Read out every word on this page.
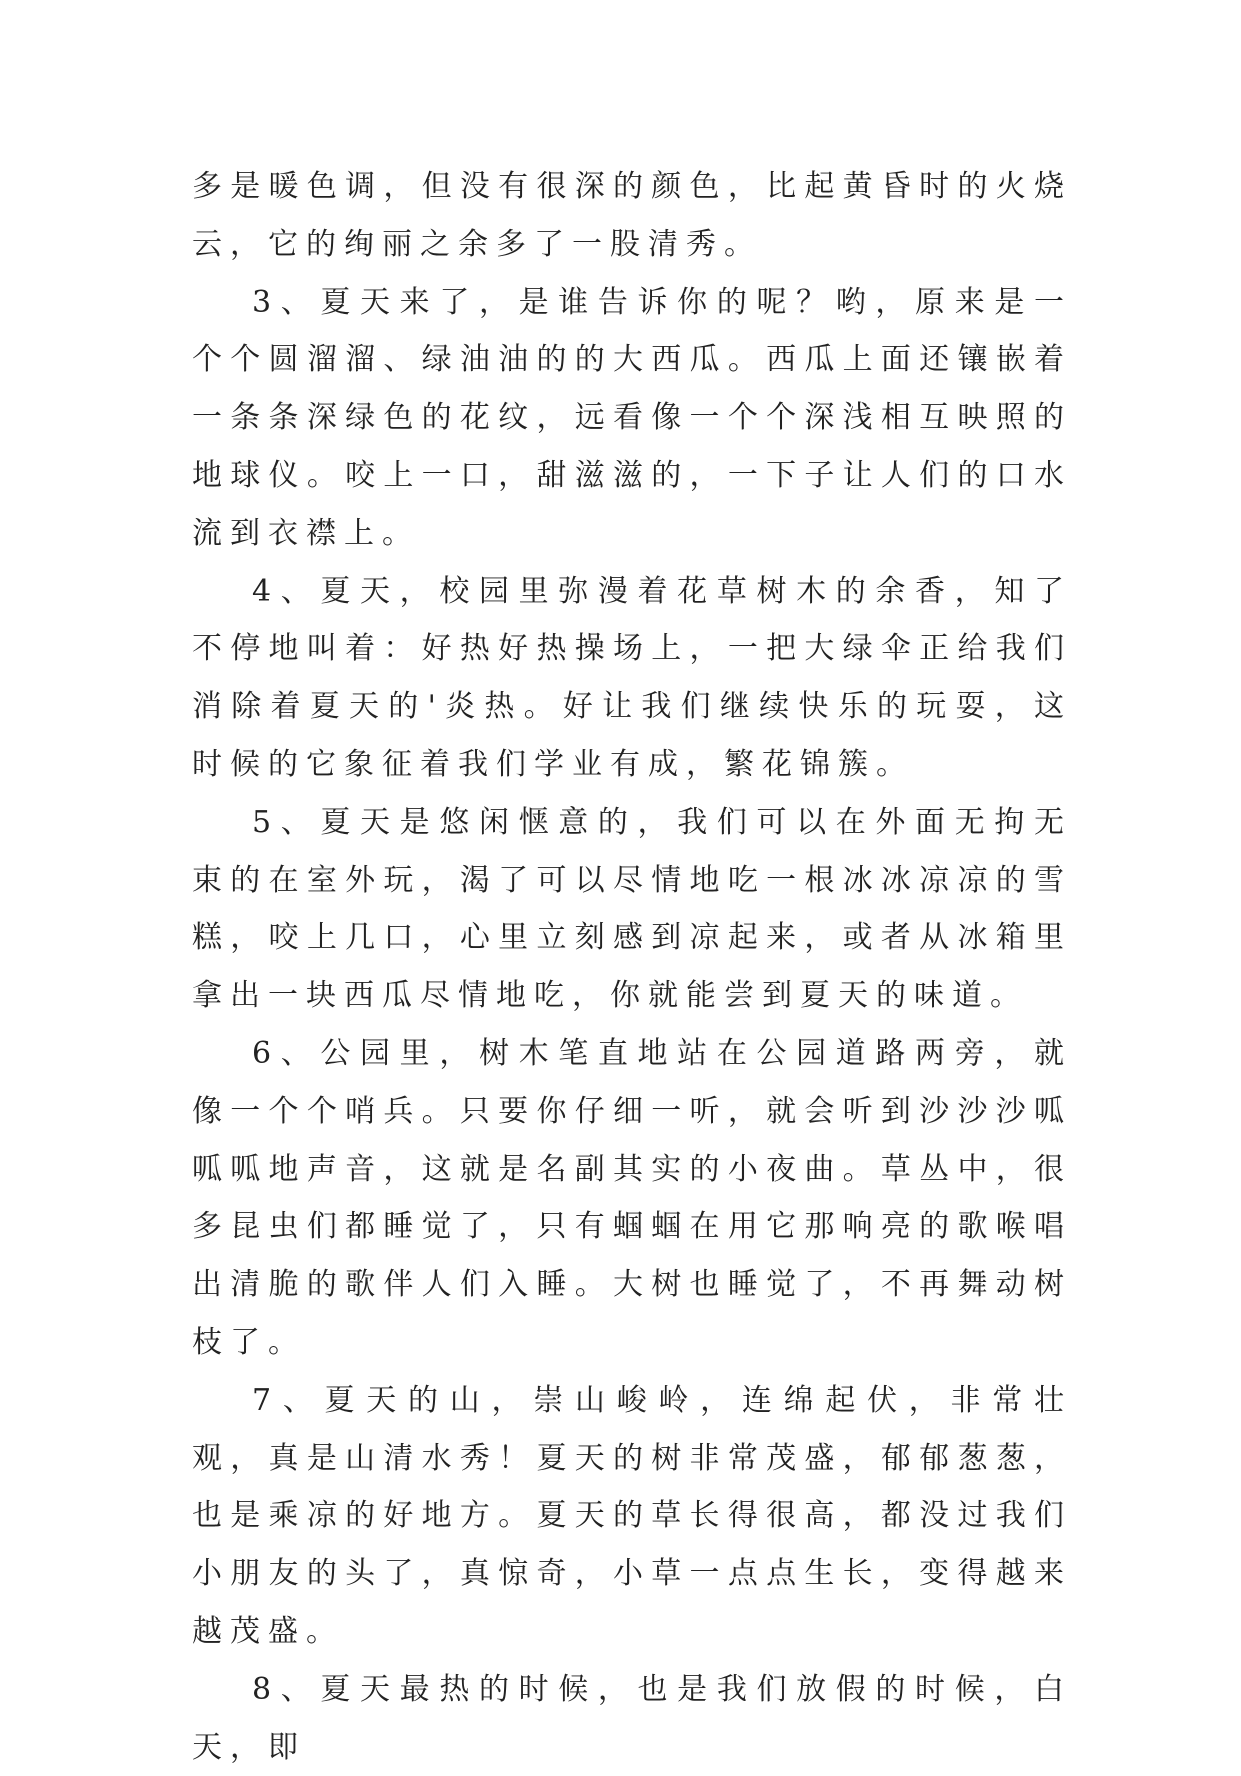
多是暖色调，但没有很深的颜色，比起黄昏时的火烧云，它的绚丽之余多了一股清秀。

3、夏天来了，是谁告诉你的呢？哟，原来是一个个圆溜溜、绿油油的的大西瓜。西瓜上面还镶嵌着一条条深绿色的花纹，远看像一个个深浅相互映照的地球仪。咬上一口，甜滋滋的，一下子让人们的口水流到衣襟上。

4、夏天，校园里弥漫着花草树木的余香，知了不停地叫着：好热好热操场上，一把大绿伞正给我们消除着夏天的'炎热。好让我们继续快乐的玩耍，这时候的它象征着我们学业有成，繁花锦簇。

5、夏天是悠闲惬意的，我们可以在外面无拘无束的在室外玩，渴了可以尽情地吃一根冰冰凉凉的雪糕，咬上几口，心里立刻感到凉起来，或者从冰箱里拿出一块西瓜尽情地吃，你就能尝到夏天的味道。

6、公园里，树木笔直地站在公园道路两旁，就像一个个哨兵。只要你仔细一听，就会听到沙沙沙呱呱呱地声音，这就是名副其实的小夜曲。草丛中，很多昆虫们都睡觉了，只有蝈蝈在用它那响亮的歌喉唱出清脆的歌伴人们入睡。大树也睡觉了，不再舞动树枝了。

7、夏天的山，崇山峻岭，连绵起伏，非常壮观，真是山清水秀！夏天的树非常茂盛，郁郁葱葱，也是乘凉的好地方。夏天的草长得很高，都没过我们小朋友的头了，真惊奇，小草一点点生长，变得越来越茂盛。

8、夏天最热的时候，也是我们放假的时候，白天，即
